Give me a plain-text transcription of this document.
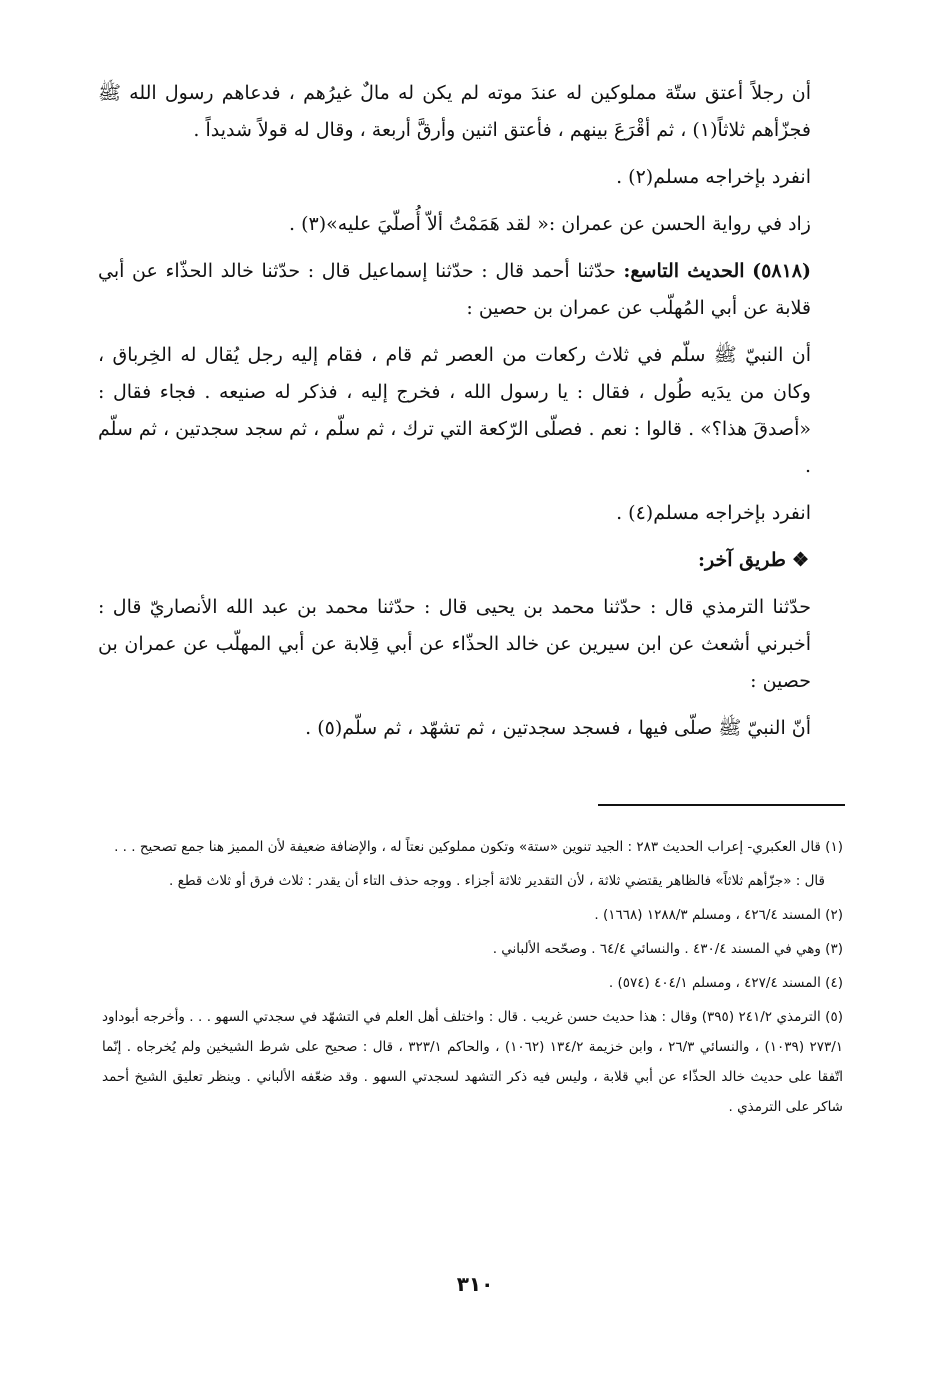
أن رجلاً أعتق ستّة مملوكين له عندَ موته لم يكن له مالٌ غيرُهم ، فدعاهم رسول الله ﷺ فجزّأهم ثلاثاً(١) ، ثم أقْرَعَ بينهم ، فأعتق اثنين وأرقَّ أربعة ، وقال له قولاً شديداً .

انفرد بإخراجه مسلم(٢) .

زاد في رواية الحسن عن عمران :« لقد هَمَمْتُ ألاّ أُصلّيَ عليه»(٣) .

(٥٨١٨) الحديث التاسع: حدّثنا أحمد قال : حدّثنا إسماعيل قال : حدّثنا خالد الحذّاء عن أبي قلابة عن أبي المُهلّب عن عمران بن حصين :

أن النبيّ ﷺ سلّم في ثلاث ركعات من العصر ثم قام ، فقام إليه رجل يُقال له الخِرباق ، وكان من يدَيه طُول ، فقال : يا رسول الله ، فخرج إليه ، فذكر له صنيعه . فجاء فقال : «أصدقَ هذا؟» . قالوا : نعم . فصلّى الرّكعة التي ترك ، ثم سلّم ، ثم سجد سجدتين ، ثم سلّم .

انفرد بإخراجه مسلم(٤) .

❖ طريق آخر:

حدّثنا الترمذي قال : حدّثنا محمد بن يحيى قال : حدّثنا محمد بن عبد الله الأنصاريّ قال : أخبرني أشعث عن ابن سيرين عن خالد الحذّاء عن أبي قِلابة عن أبي المهلّب عن عمران بن حصين :

أنّ النبيّ ﷺ صلّى فيها ، فسجد سجدتين ، ثم تشهّد ، ثم سلّم(٥) .

(١) قال العكبري- إعراب الحديث ٢٨٣ : الجيد تنوين «ستة» وتكون مملوكين نعتاً له ، والإضافة ضعيفة لأن المميز هنا جمع تصحيح . . .

قال : «جزّأهم ثلاثاً» فالظاهر يقتضي ثلاثة ، لأن التقدير ثلاثة أجزاء . ووجه حذف التاء أن يقدر : ثلاث فرق أو ثلاث قطع .

(٢) المسند ٤٢٦/٤ ، ومسلم ١٢٨٨/٣ (١٦٦٨) .

(٣) وهي في المسند ٤٣٠/٤ . والنسائي ٦٤/٤ . وصحّحه الألباني .

(٤) المسند ٤٢٧/٤ ، ومسلم ٤٠٤/١ (٥٧٤) .

(٥) الترمذي ٢٤١/٢ (٣٩٥) وقال : هذا حديث حسن غريب . قال : واختلف أهل العلم في التشهّد في سجدتي السهو . . . وأخرجه أبوداود ٢٧٣/١ (١٠٣٩) ، والنسائي ٢٦/٣ ، وابن خزيمة ١٣٤/٢ (١٠٦٢) ، والحاكم ٣٢٣/١ ، قال : صحيح على شرط الشيخين ولم يُخرجاه . إنّما اتّفقا على حديث خالد الحذّاء عن أبي قلابة ، وليس فيه ذكر التشهد لسجدتي السهو . وقد ضعّفه الألباني . وينظر تعليق الشيخ أحمد شاكر على الترمذي .

٣١٠
